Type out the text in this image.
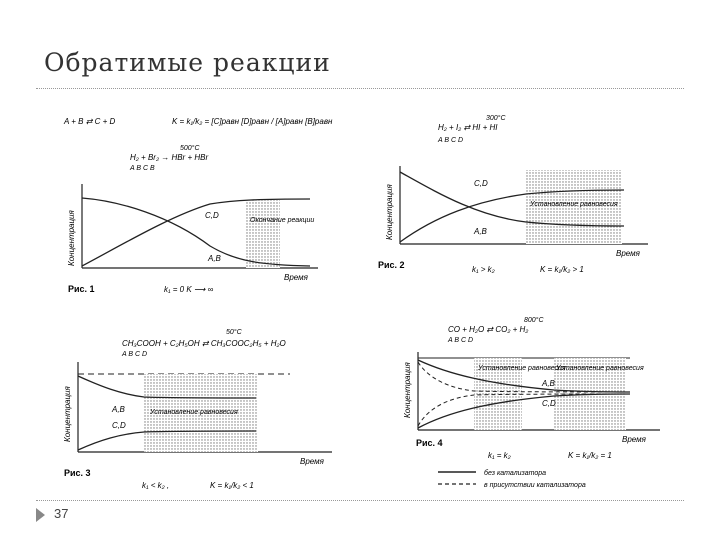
Обратимые реакции
A + B ⇄ C + D	K = k₁/k₂ = [C]равн [D]равн / [A]равн [B]равн
H₂ + Br₂ → HBr + HBr
500°C
A B C B
C,D
A,B
Окончание реакции
Концентрация
Время
Рис. 1	k₁ = 0 K ⟶ ∞
H₂ + I₂ ⇄ HI + HI
300°C
A B C D
C,D
A,B
Установление равновесия
Концентрация
Время
Рис. 2	k₁ > k₂	K = k₁/k₂ > 1
CH₃COOH + C₂H₅OH ⇄ CH₃COOC₂H₅ + H₂O
50°C
A B C D
A,B
C,D
Установление равновесия
Концентрация
Время
Рис. 3
k₁ < k₂ ,	K = k₁/k₂ < 1
CO + H₂O ⇄ CO₂ + H₂
800°C
A B C D
A,B
C,D
Установление равновесия
Установление равновесия
Концентрация
Время
Рис. 4
k₁ = k₂	K = k₁/k₂ = 1
без катализатора
в присутствии катализатора
37
